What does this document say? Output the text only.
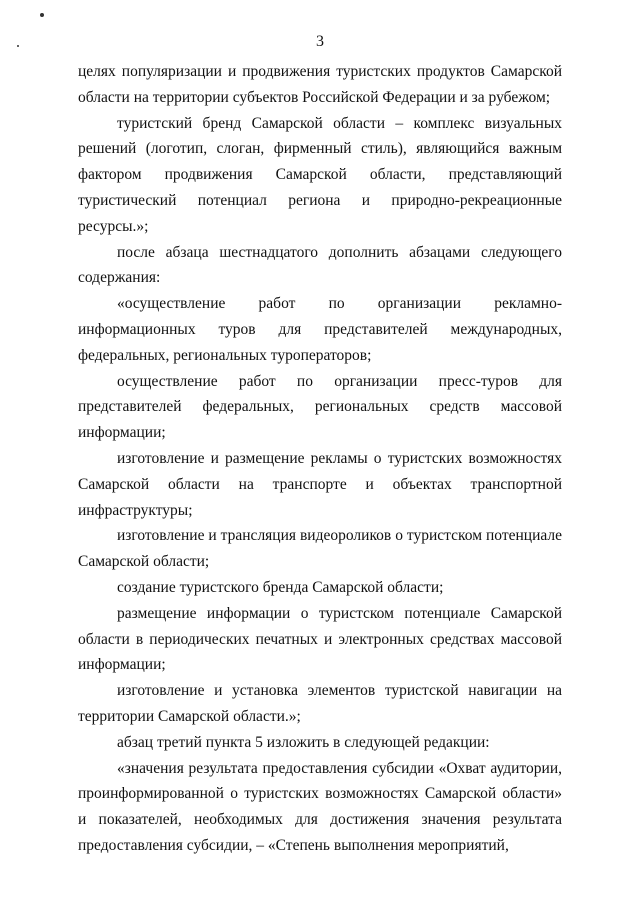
3

целях популяризации и продвижения туристских продуктов Самарской области на территории субъектов Российской Федерации и за рубежом;

туристский бренд Самарской области – комплекс визуальных решений (логотип, слоган, фирменный стиль), являющийся важным фактором продвижения Самарской области, представляющий туристический потенциал региона и природно-рекреационные ресурсы.»;

после абзаца шестнадцатого дополнить абзацами следующего содержания:

«осуществление работ по организации рекламно-информационных туров для представителей международных, федеральных, региональных туроператоров;

осуществление работ по организации пресс-туров для представителей федеральных, региональных средств массовой информации;

изготовление и размещение рекламы о туристских возможностях Самарской области на транспорте и объектах транспортной инфраструктуры;

изготовление и трансляция видеороликов о туристском потенциале Самарской области;

создание туристского бренда Самарской области;

размещение информации о туристском потенциале Самарской области в периодических печатных и электронных средствах массовой информации;

изготовление и установка элементов туристской навигации на территории Самарской области.»;

абзац третий пункта 5 изложить в следующей редакции:

«значения результата предоставления субсидии «Охват аудитории, проинформированной о туристских возможностях Самарской области» и показателей, необходимых для достижения значения результата предоставления субсидии, – «Степень выполнения мероприятий,
